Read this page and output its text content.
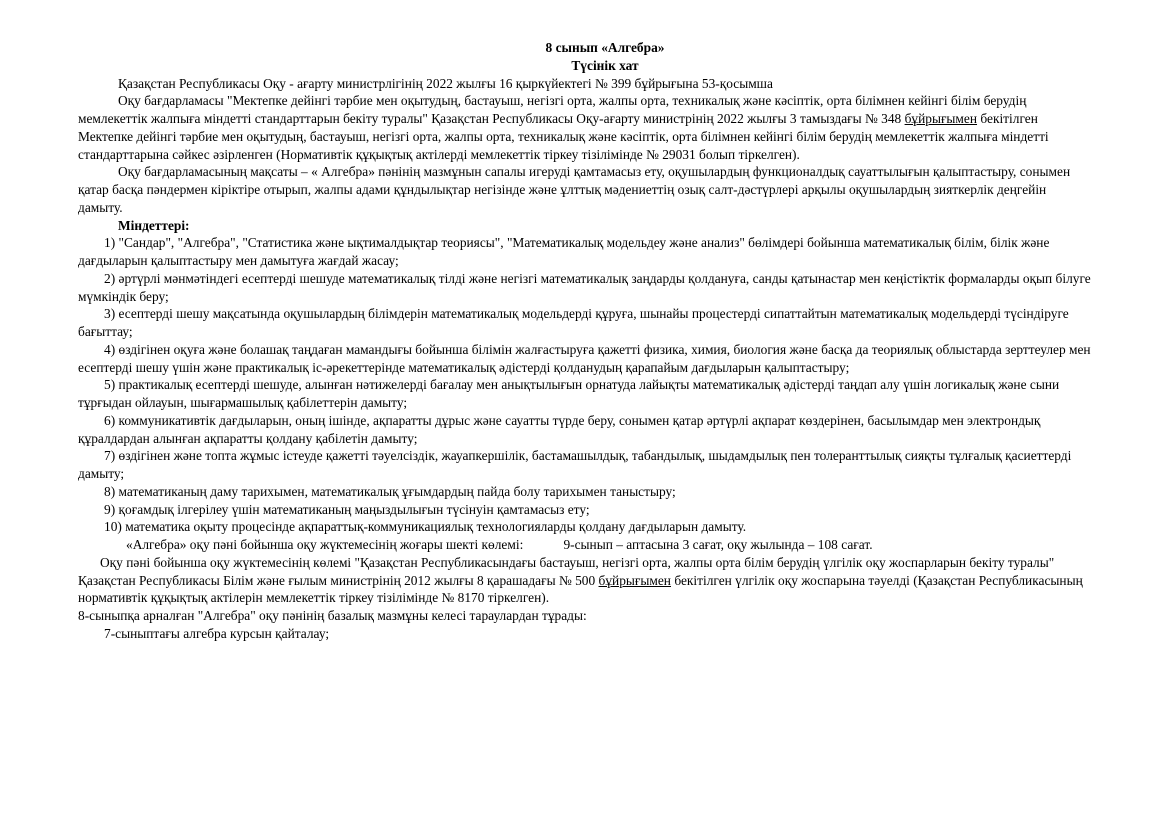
8 сынып «Алгебра»
Түсінік хат

Қазақстан Республикасы Оқу - ағарту министрлігінің 2022 жылғы 16 қыркүйектегі № 399 бұйрығына 53-қосымша

Оқу бағдарламасы "Мектепке дейінгі тәрбие мен оқытудың, бастауыш, негізгі орта, жалпы орта, техникалық және кәсіптік, орта білімнен кейінгі білім берудің мемлекеттік жалпыға міндетті стандарттарын бекіту туралы" Қазақстан Республикасы Оқу-ағарту министрінің 2022 жылғы 3 тамыздағы № 348 бұйрығымен бекітілген Мектепке дейінгі тәрбие мен оқытудың, бастауыш, негізгі орта, жалпы орта, техникалық және кәсіптік, орта білімнен кейінгі білім берудің мемлекеттік жалпыға міндетті стандарттарына сәйкес әзірленген (Нормативтік құқықтық актілерді мемлекеттік тіркеу тізілімінде № 29031 болып тіркелген).

Оқу бағдарламасының мақсаты – « Алгебра» пәнінің мазмұнын сапалы игеруді қамтамасыз ету, оқушылардың функционалдық сауаттылығын қалыптастыру, сонымен қатар басқа пәндермен кіріктіре отырып, жалпы адами құндылықтар негізінде және ұлттық мәдениеттің озық салт-дәстүрлері арқылы оқушылардың зияткерлік деңгейін дамыту.

Міндеттері:

1) "Сандар", "Алгебра", "Статистика және ықтималдықтар теориясы", "Математикалық модельдеу және анализ" бөлімдері бойынша математикалық білім, білік және дағдыларын қалыптастыру мен дамытуға жағдай жасау;

2) әртүрлі мәнмәтіндегі есептерді шешуде математикалық тілді және негізгі математикалық заңдарды қолдануға, санды қатынастар мен кеңістіктік формаларды оқып білуге мүмкіндік беру;

3) есептерді шешу мақсатында оқушылардың білімдерін математикалық модельдерді құруға, шынайы процестерді сипаттайтын математикалық модельдерді түсіндіруге бағыттау;

4) өздігінен оқуға және болашақ таңдаған мамандығы бойынша білімін жалғастыруға қажетті физика, химия, биология және басқа да теориялық облыстарда зерттеулер мен есептерді шешу үшін және практикалық іс-әрекеттерінде математикалық әдістерді қолданудың қарапайым дағдыларын қалыптастыру;

5) практикалық есептерді шешуде, алынған нәтижелерді бағалау мен анықтылығын орнатуда лайықты математикалық әдістерді таңдап алу үшін логикалық және сыни тұрғыдан ойлауын, шығармашылық қабілеттерін дамыту;

6) коммуникативтік дағдыларын, оның ішінде, ақпаратты дұрыс және сауатты түрде беру, сонымен қатар әртүрлі ақпарат көздерінен, басылымдар мен электрондық құралдардан алынған ақпаратты қолдану қабілетін дамыту;

7) өздігінен және топта жұмыс істеуде қажетті тәуелсіздік, жауапкершілік, бастамашылдық, табандылық, шыдамдылық пен толеранттылық сияқты тұлғалық қасиеттерді дамыту;

8) математиканың даму тарихымен, математикалық ұғымдардың пайда болу тарихымен таныстыру;

9) қоғамдық ілгерілеу үшін математиканың маңыздылығын түсінуін қамтамасыз ету;

10) математика оқыту процесінде ақпараттық-коммуникациялық технологияларды қолдану дағдыларын дамыту.

«Алгебра» оқу пәні бойынша оқу жүктемесінің жоғары шекті көлемі:            9-сынып – аптасына 3 сағат, оқу жылында – 108 сағат.

Оқу пәні бойынша оқу жүктемесінің көлемі "Қазақстан Республикасындағы бастауыш, негізгі орта, жалпы орта білім берудің үлгілік оқу жоспарларын бекіту туралы" Қазақстан Республикасы Білім және ғылым министрінің 2012 жылғы 8 қарашадағы № 500 бұйрығымен бекітілген үлгілік оқу жоспарына тәуелді (Қазақстан Республикасының нормативтік құқықтық актілерін мемлекеттік тіркеу тізілімінде № 8170 тіркелген).

8-сыныпқа арналған "Алгебра" оқу пәнінің базалық мазмұны келесі тараулардан тұрады:

7-сыныптағы алгебра курсын қайталау;
